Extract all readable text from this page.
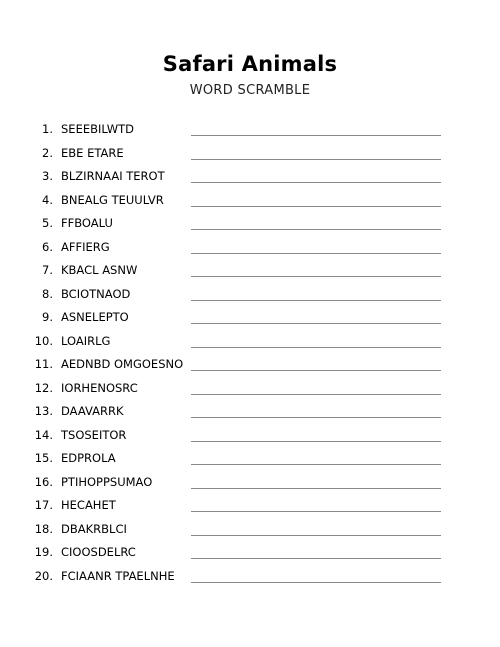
Safari Animals
WORD SCRAMBLE
1. SEEEBILWTD
2. EBE ETARE
3. BLZIRNAAI TEROT
4. BNEALG TEUULVR
5. FFBOALU
6. AFFIERG
7. KBACL ASNW
8. BCIOTNAOD
9. ASNELEPTO
10. LOAIRLG
11. AEDNBD OMGOESNO
12. IORHENOSRC
13. DAAVARRK
14. TSOSEITOR
15. EDPROLA
16. PTIHOPPSUMAO
17. HECAHET
18. DBAKRBLCI
19. CIOOSDELRC
20. FCIAANR TPAELNHE
